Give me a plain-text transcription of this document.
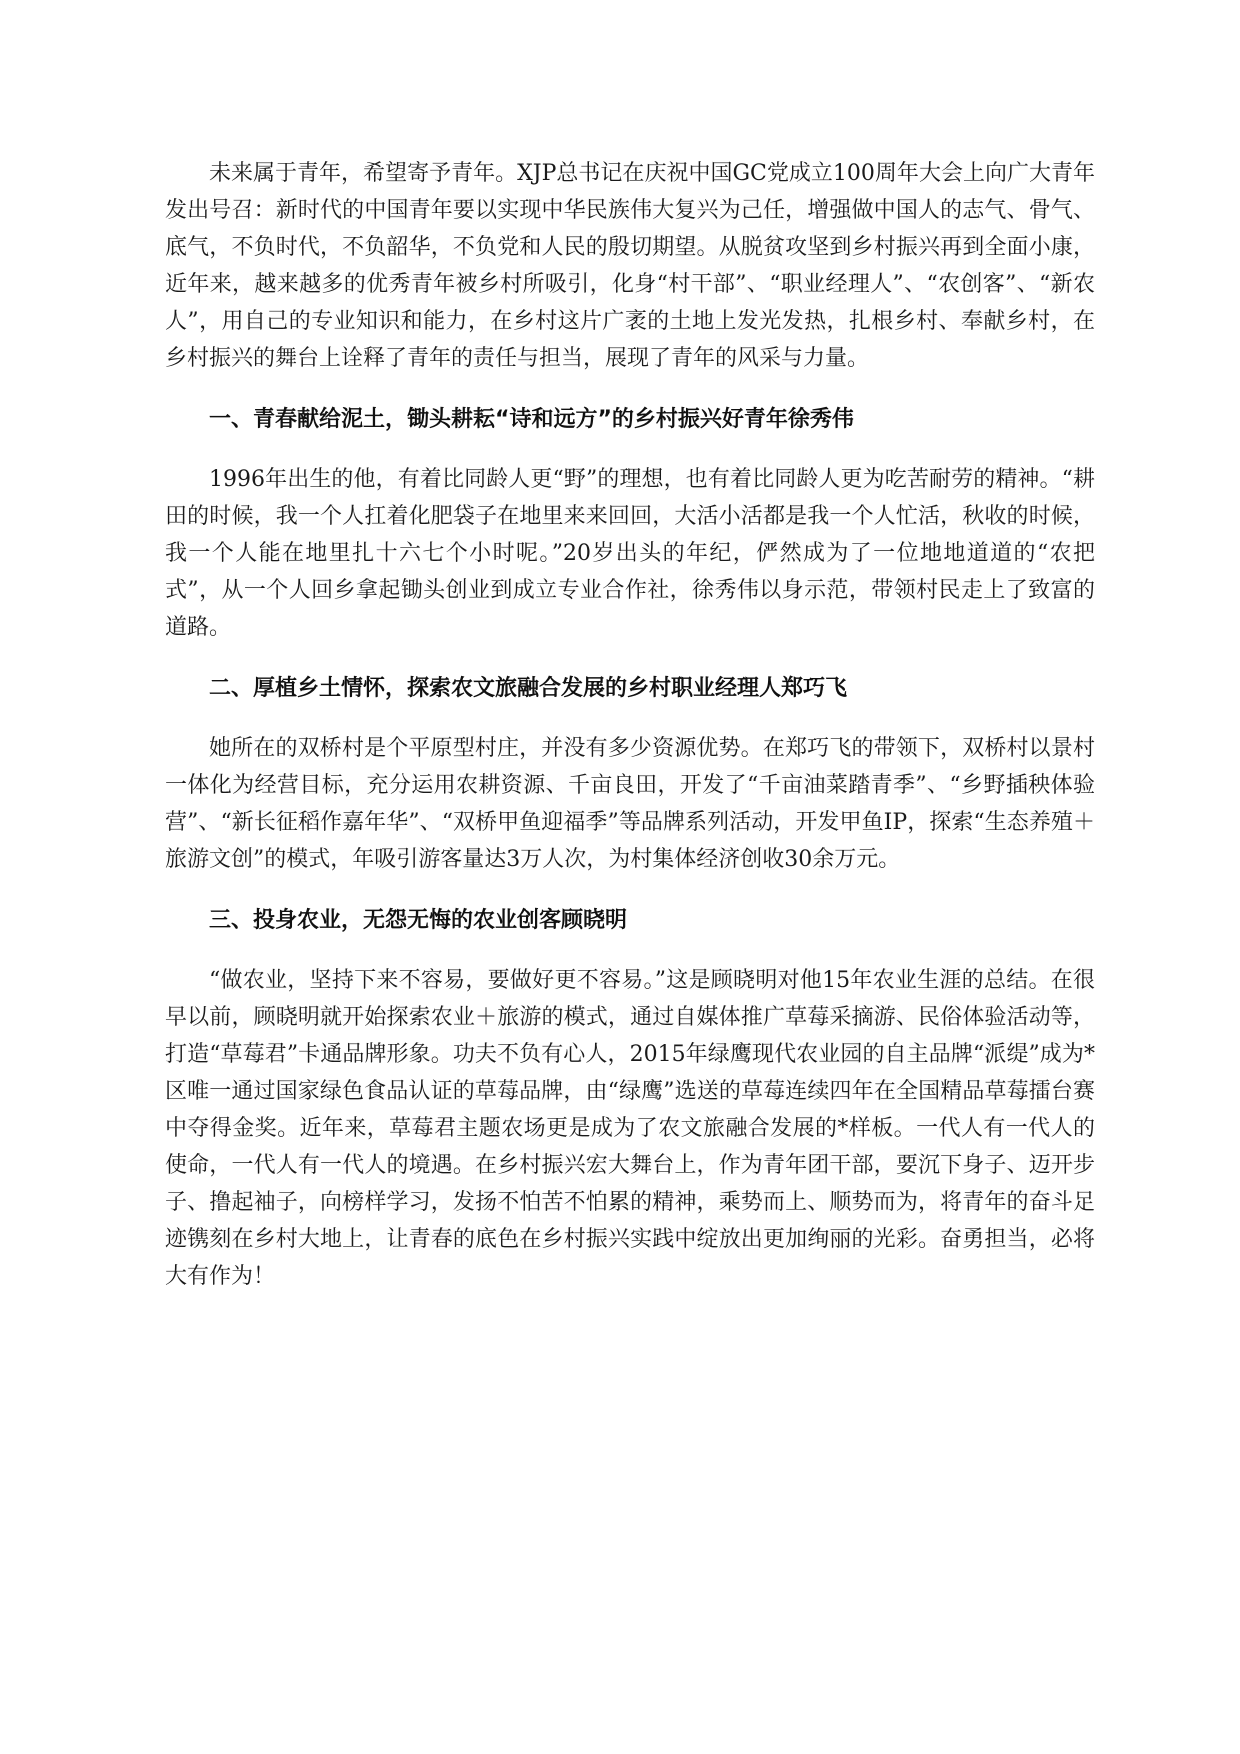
未来属于青年，希望寄予青年。XJP总书记在庆祝中国GC党成立100周年大会上向广大青年发出号召：新时代的中国青年要以实现中华民族伟大复兴为己任，增强做中国人的志气、骨气、底气，不负时代，不负韶华，不负党和人民的殷切期望。从脱贫攻坚到乡村振兴再到全面小康，近年来，越来越多的优秀青年被乡村所吸引，化身“村干部”、“职业经理人”、“农创客”、“新农人”，用自己的专业知识和能力，在乡村这片广袤的土地上发光发热，扎根乡村、奉献乡村，在乡村振兴的舞台上诠释了青年的责任与担当，展现了青年的风采与力量。

一、青春献给泥土，锄头耕耘“诗和远方”的乡村振兴好青年徐秀伟

1996年出生的他，有着比同龄人更“野”的理想，也有着比同龄人更为吃苦耐劳的精神。“耕田的时候，我一个人扛着化肥袋子在地里来来回回，大活小活都是我一个人忙活，秋收的时候，我一个人能在地里扎十六七个小时呢。”20岁出头的年纪，俨然成为了一位地地道道的“农把式”，从一个人回乡拿起锄头创业到成立专业合作社，徐秀伟以身示范，带领村民走上了致富的道路。

二、厚植乡土情怀，探索农文旅融合发展的乡村职业经理人郑巧飞

她所在的双桥村是个平原型村庄，并没有多少资源优势。在郑巧飞的带领下，双桥村以景村一体化为经营目标，充分运用农耕资源、千亩良田，开发了“千亩油菜踏青季”、“乡野插秧体验营”、“新长征稻作嘉年华”、“双桥甲鱼迎福季”等品牌系列活动，开发甲鱼IP，探索“生态养殖＋旅游文创”的模式，年吸引游客量达3万人次，为村集体经济创收30余万元。

三、投身农业，无怨无悔的农业创客顾晓明

“做农业，坚持下来不容易，要做好更不容易。”这是顾晓明对他15年农业生涯的总结。在很早以前，顾晓明就开始探索农业＋旅游的模式，通过自媒体推广草莓采摘游、民俗体验活动等，打造“草莓君”卡通品牌形象。功夫不负有心人，2015年绿鹰现代农业园的自主品牌“派缇”成为*区唯一通过国家绿色食品认证的草莓品牌，由“绿鹰”选送的草莓连续四年在全国精品草莓擂台赛中夺得金奖。近年来，草莓君主题农场更是成为了农文旅融合发展的*样板。一代人有一代人的使命，一代人有一代人的境遇。在乡村振兴宏大舞台上，作为青年团干部，要沉下身子、迈开步子、撸起袖子，向榜样学习，发扬不怕苦不怕累的精神，乘势而上、顺势而为，将青年的奋斗足迹镌刻在乡村大地上，让青春的底色在乡村振兴实践中绽放出更加绚丽的光彩。奋勇担当，必将大有作为！
